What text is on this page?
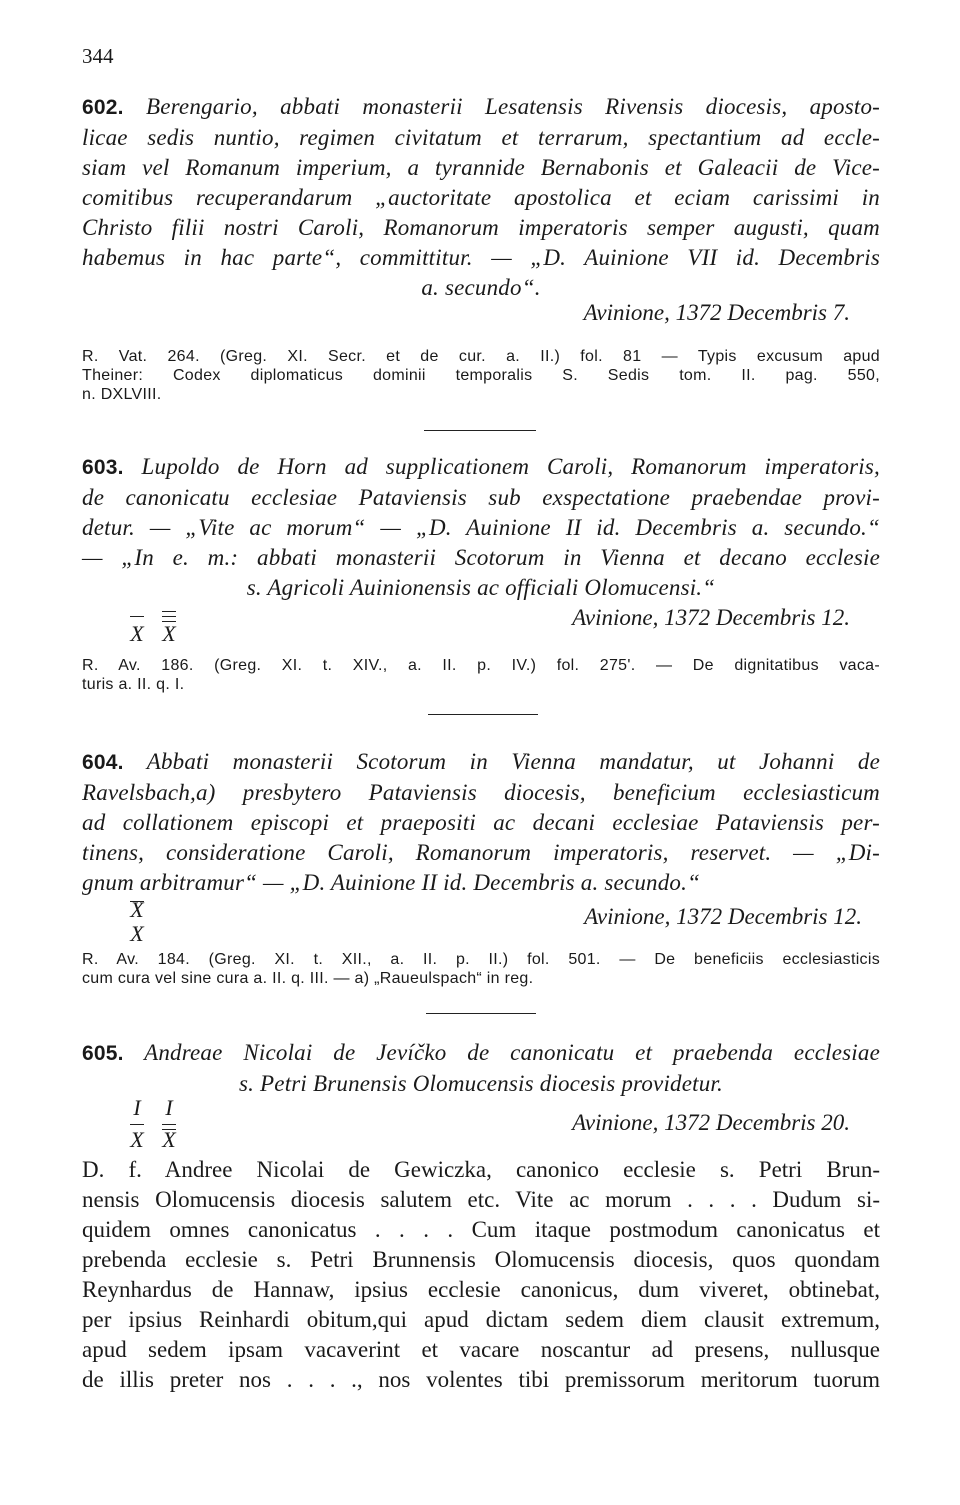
344
602. Berengario, abbati monasterii Lesatensis Rivensis diocesis, aposto-
licae sedis nuntio, regimen civitatum et terrarum, spectantium ad eccle-
siam vel Romanum imperium, a tyrannide Bernabonis et Galeacii de Vice-
comitibus recuperandarum „auctoritate apostolica et eciam carissimi in
Christo filii nostri Caroli, Romanorum imperatoris semper augusti, quam
habemus in hac parte“, committitur. — „D. Auinione VII id. Decembris
a. secundo“.
Avinione, 1372 Decembris 7.
R. Vat. 264. (Greg. XI. Secr. et de cur. a. II.) fol. 81 — Typis excusum apud
Theiner: Codex diplomaticus dominii temporalis S. Sedis tom. II. pag. 550,
n. DXLVIII.
603. Lupoldo de Horn ad supplicationem Caroli, Romanorum imperatoris,
de canonicatu ecclesiae Pataviensis sub exspectatione praebendae provi-
detur. — „Vite ac morum“ — „D. Auinione II id. Decembris a. secundo.“
— „In e. m.: abbati monasterii Scotorum in Vienna et decano ecclesie
s. Agricoli Auinionensis ac officiali Olomucensi.“
X X
Avinione, 1372 Decembris 12.
R. Av. 186. (Greg. XI. t. XIV., a. II. p. IV.) fol. 275'. — De dignitatibus vaca-
turis a. II. q. I.
604. Abbati monasterii Scotorum in Vienna mandatur, ut Johanni de
Ravelsbach,a) presbytero Pataviensis diocesis, beneficium ecclesiasticum
ad collationem episcopi et praepositi ac decani ecclesiae Pataviensis per-
tinens, consideratione Caroli, Romanorum imperatoris, reservet. — „Di-
gnum arbitramur“ — „D. Auinione II id. Decembris a. secundo.“
X
X
Avinione, 1372 Decembris 12.
R. Av. 184. (Greg. XI. t. XII., a. II. p. II.) fol. 501. — De beneficiis ecclesiasticis
cum cura vel sine cura a. II. q. III. — a) „Raueulspach“ in reg.
605. Andreae Nicolai de Jevíčko de canonicatu et praebenda ecclesiae
s. Petri Brunensis Olomucensis diocesis providetur.
I	I
X X
Avinione, 1372 Decembris 20.
D. f. Andree Nicolai de Gewiczka, canonico ecclesie s. Petri Brun-
nensis Olomucensis diocesis salutem etc. Vite ac morum . . . . Dudum si-
quidem omnes canonicatus . . . . Cum itaque postmodum canonicatus et
prebenda ecclesie s. Petri Brunnensis Olomucensis diocesis, quos quondam
Reynhardus de Hannaw, ipsius ecclesie canonicus, dum viveret, obtinebat,
per ipsius Reinhardi obitum,qui apud dictam sedem diem clausit extremum,
apud sedem ipsam vacaverint et vacare noscantur ad presens, nullusque
de illis preter nos . . . ., nos volentes tibi premissorum meritorum tuorum
